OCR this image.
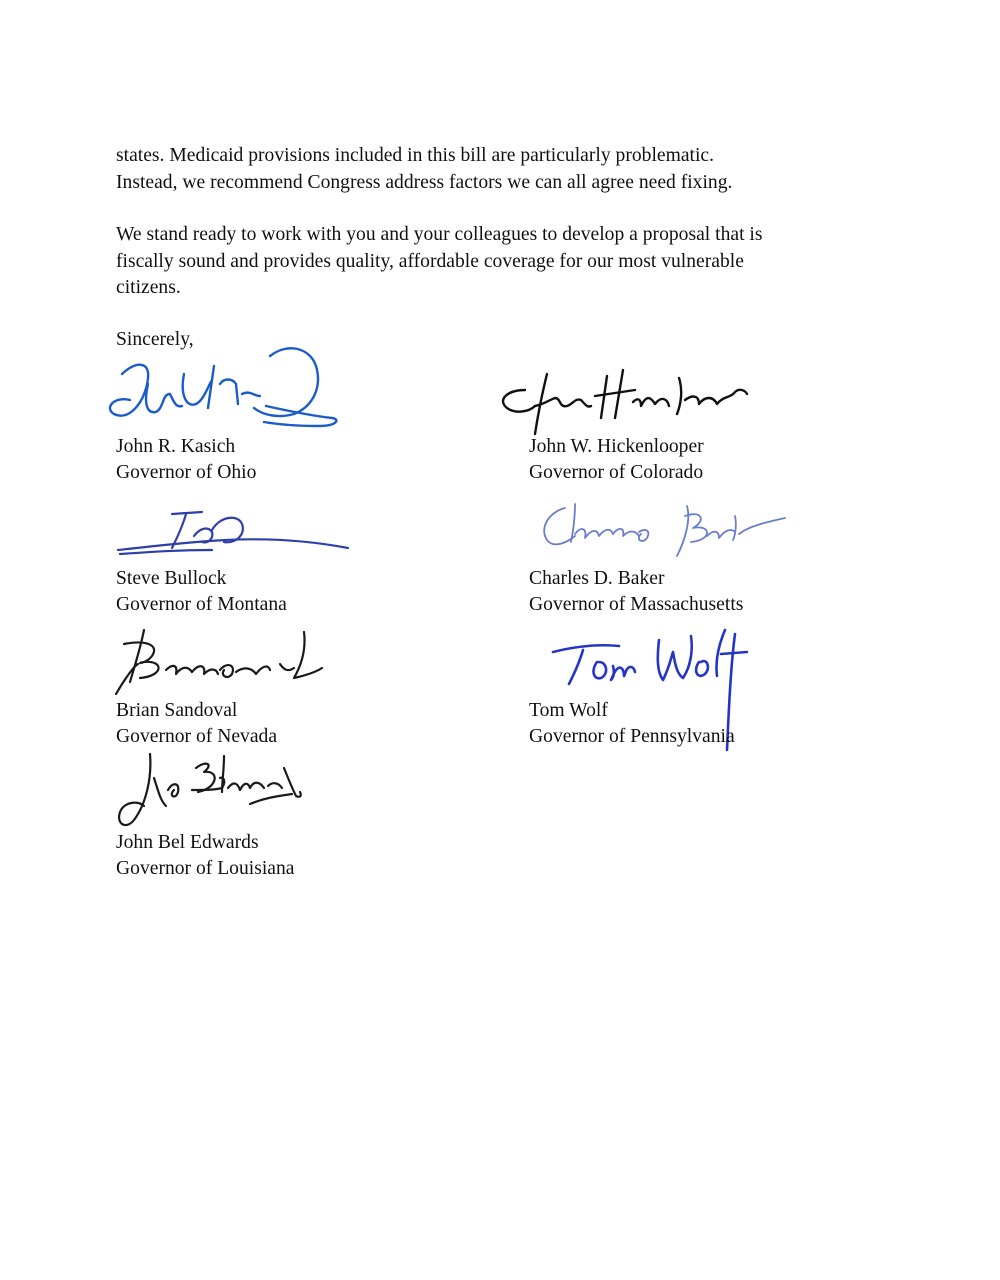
states. Medicaid provisions included in this bill are particularly problematic.
Instead, we recommend Congress address factors we can all agree need fixing.

We stand ready to work with you and your colleagues to develop a proposal that is
fiscally sound and provides quality, affordable coverage for our most vulnerable
citizens.

Sincerely,
John R. Kasich
Governor of Ohio
John W. Hickenlooper
Governor of Colorado
Steve Bullock
Governor of Montana
Charles D. Baker
Governor of Massachusetts
Brian Sandoval
Governor of Nevada
Tom Wolf
Governor of Pennsylvania
John Bel Edwards
Governor of Louisiana
